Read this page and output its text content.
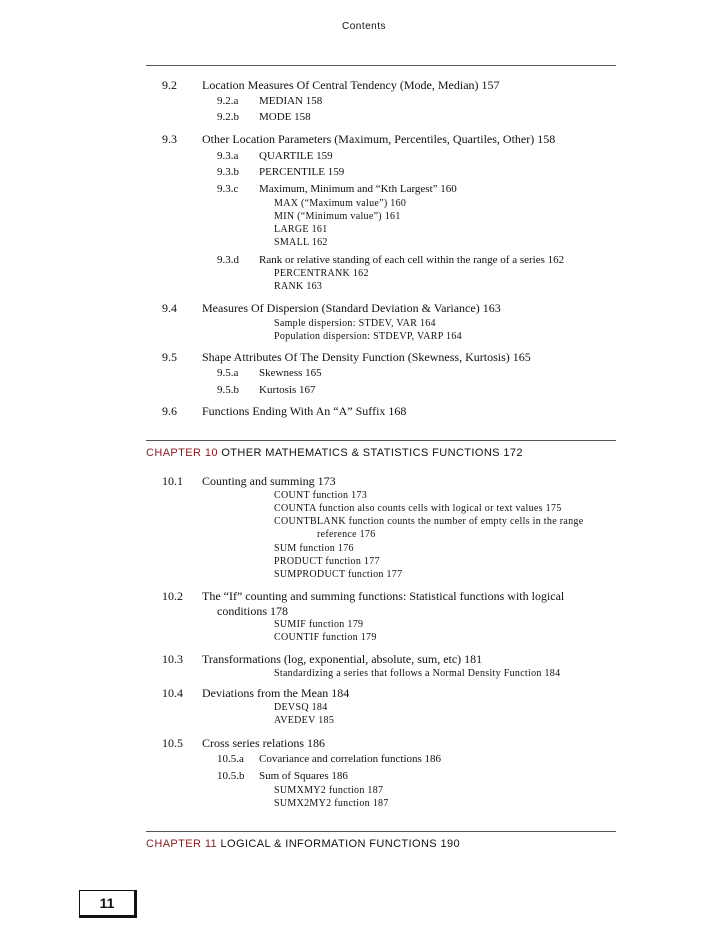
Contents
9.2 Location Measures Of Central Tendency (Mode, Median) 157
9.2.a MEDIAN 158
9.2.b MODE 158
9.3 Other Location Parameters (Maximum, Percentiles, Quartiles, Other) 158
9.3.a QUARTILE 159
9.3.b PERCENTILE 159
9.3.c Maximum, Minimum and “Kth Largest” 160
MAX (“Maximum value”) 160
MIN (“Minimum value”) 161
LARGE 161
SMALL 162
9.3.d Rank or relative standing of each cell within the range of a series 162
PERCENTRANK 162
RANK 163
9.4 Measures Of Dispersion (Standard Deviation & Variance) 163
Sample dispersion: STDEV, VAR 164
Population dispersion: STDEVP, VARP 164
9.5 Shape Attributes Of The Density Function (Skewness, Kurtosis) 165
9.5.a Skewness 165
9.5.b Kurtosis 167
9.6 Functions Ending With An “A” Suffix 168
CHAPTER 10 OTHER MATHEMATICS & STATISTICS FUNCTIONS 172
10.1 Counting and summing 173
COUNT function 173
COUNTA function also counts cells with logical or text values 175
COUNTBLANK function counts the number of empty cells in the range
reference 176
SUM function 176
PRODUCT function 177
SUMPRODUCT function 177
10.2 The “If” counting and summing functions: Statistical functions with logical
conditions 178
SUMIF function 179
COUNTIF function 179
10.3 Transformations (log, exponential, absolute, sum, etc) 181
Standardizing a series that follows a Normal Density Function 184
10.4 Deviations from the Mean 184
DEVSQ 184
AVEDEV 185
10.5 Cross series relations 186
10.5.a Covariance and correlation functions 186
10.5.b Sum of Squares 186
SUMXMY2 function 187
SUMX2MY2 function 187
CHAPTER 11 LOGICAL & INFORMATION FUNCTIONS 190
11
